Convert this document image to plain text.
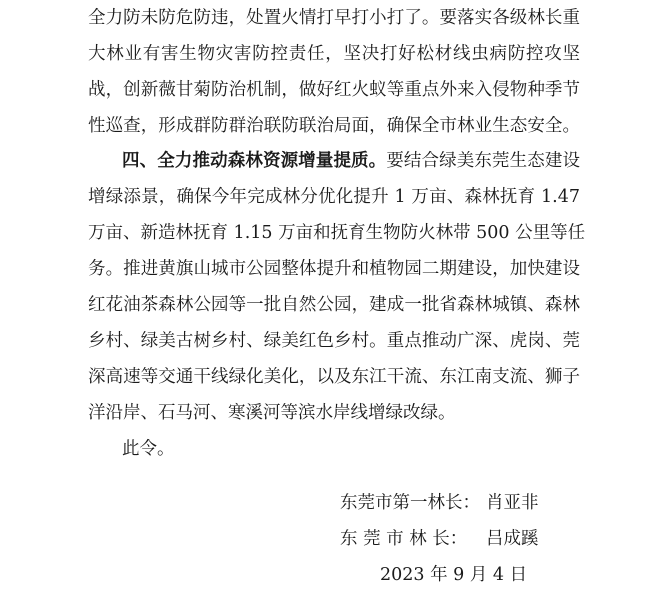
全力防未防危防违，处置火情打早打小打了。要落实各级林长重
大林业有害生物灾害防控责任，坚决打好松材线虫病防控攻坚
战，创新薇甘菊防治机制，做好红火蚁等重点外来入侵物种季节
性巡查，形成群防群治联防联治局面，确保全市林业生态安全。
四、全力推动森林资源增量提质。要结合绿美东莞生态建设
增绿添景，确保今年完成林分优化提升 1 万亩、森林抚育 1.47
万亩、新造林抚育 1.15 万亩和抚育生物防火林带 500 公里等任
务。推进黄旗山城市公园整体提升和植物园二期建设，加快建设
红花油茶森林公园等一批自然公园，建成一批省森林城镇、森林
乡村、绿美古树乡村、绿美红色乡村。重点推动广深、虎岗、莞
深高速等交通干线绿化美化，以及东江干流、东江南支流、狮子
洋沿岸、石马河、寒溪河等滨水岸线增绿改绿。
此令。
东莞市第一林长： 肖亚非
东 莞 市 林 长： 吕成蹊
2023 年 9 月 4 日
